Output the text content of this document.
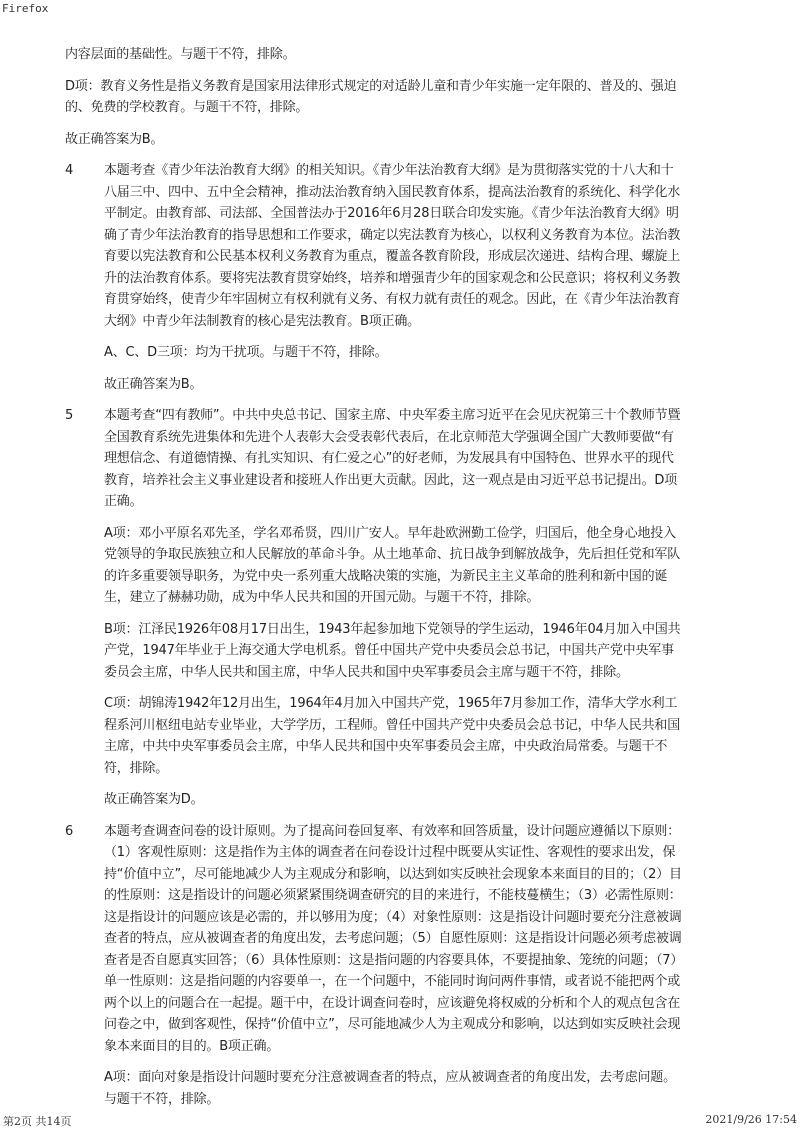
Firefox

内容层面的基础性。与题干不符，排除。

D项：教育义务性是指义务教育是国家用法律形式规定的对适龄儿童和青少年实施一定年限的、普及的、强迫的、免费的学校教育。与题干不符，排除。

故正确答案为B。

4 本题考查《青少年法治教育大纲》的相关知识。《青少年法治教育大纲》是为贯彻落实党的十八大和十八届三中、四中、五中全会精神，推动法治教育纳入国民教育体系，提高法治教育的系统化、科学化水平制定。由教育部、司法部、全国普法办于2016年6月28日联合印发实施。《青少年法治教育大纲》明确了青少年法治教育的指导思想和工作要求，确定以宪法教育为核心，以权利义务教育为本位。法治教育要以宪法教育和公民基本权利义务教育为重点，覆盖各教育阶段，形成层次递进、结构合理、螺旋上升的法治教育体系。要将宪法教育贯穿始终，培养和增强青少年的国家观念和公民意识；将权利义务教育贯穿始终，使青少年牢固树立有权利就有义务、有权力就有责任的观念。因此，在《青少年法治教育大纲》中青少年法制教育的核心是宪法教育。B项正确。

A、C、D三项：均为干扰项。与题干不符，排除。

故正确答案为B。

5 本题考查“四有教师”。中共中央总书记、国家主席、中央军委主席习近平在会见庆祝第三十个教师节暨全国教育系统先进集体和先进个人表彰大会受表彰代表后，在北京师范大学强调全国广大教师要做“有理想信念、有道德情操、有扎实知识、有仁爱之心”的好老师，为发展具有中国特色、世界水平的现代教育，培养社会主义事业建设者和接班人作出更大贡献。因此，这一观点是由习近平总书记提出。D项正确。

A项：邓小平原名邓先圣，学名邓希贤，四川广安人。早年赴欧洲勤工俭学，归国后，他全身心地投入党领导的争取民族独立和人民解放的革命斗争。从土地革命、抗日战争到解放战争，先后担任党和军队的许多重要领导职务，为党中央一系列重大战略决策的实施，为新民主主义革命的胜利和新中国的诞生，建立了赫赫功勋，成为中华人民共和国的开国元勋。与题干不符，排除。

B项：江泽民1926年08月17日出生，1943年起参加地下党领导的学生运动，1946年04月加入中国共产党，1947年毕业于上海交通大学电机系。曾任中国共产党中央委员会总书记，中国共产党中央军事委员会主席，中华人民共和国主席，中华人民共和国中央军事委员会主席与题干不符，排除。

C项：胡锦涛1942年12月出生，1964年4月加入中国共产党，1965年7月参加工作，清华大学水利工程系河川枢纽电站专业毕业，大学学历，工程师。曾任中国共产党中央委员会总书记，中华人民共和国主席，中共中央军事委员会主席，中华人民共和国中央军事委员会主席，中央政治局常委。与题干不符，排除。

故正确答案为D。

6 本题考查调查问卷的设计原则。为了提高问卷回复率、有效率和回答质量，设计问题应遵循以下原则：（1）客观性原则：这是指作为主体的调查者在问卷设计过程中既要从实证性、客观性的要求出发，保持“价值中立”，尽可能地减少人为主观成分和影响，以达到如实反映社会现象本来面目的目的；（2）目的性原则：这是指设计的问题必须紧紧围绕调查研究的目的来进行，不能枝蔓横生；（3）必需性原则：这是指设计的问题应该是必需的，并以够用为度；（4）对象性原则：这是指设计问题时要充分注意被调查者的特点，应从被调查者的角度出发，去考虑问题；（5）自愿性原则：这是指设计问题必须考虑被调查者是否自愿真实回答；（6）具体性原则：这是指问题的内容要具体，不要提抽象、笼统的问题；（7）单一性原则：这是指问题的内容要单一，在一个问题中，不能同时询问两件事情，或者说不能把两个或两个以上的问题合在一起提。题干中，在设计调查问卷时，应该避免将权威的分析和个人的观点包含在问卷之中，做到客观性，保持“价值中立”，尽可能地减少人为主观成分和影响，以达到如实反映社会现象本来面目的目的。B项正确。

A项：面向对象是指设计问题时要充分注意被调查者的特点，应从被调查者的角度出发，去考虑问题。与题干不符，排除。

第2页 共14页	2021/9/26 17:54
